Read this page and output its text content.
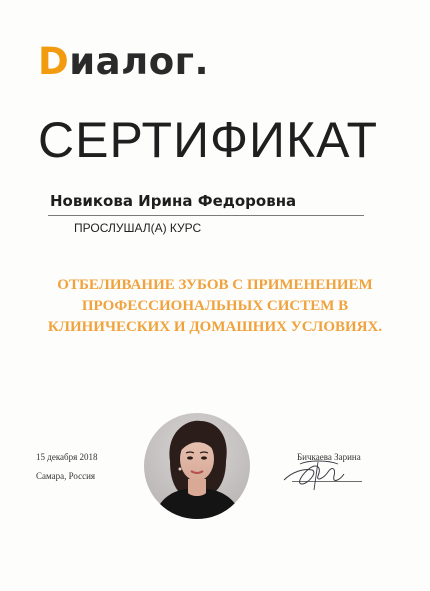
D иалог.
СЕРТИФИКАТ
Новикова Ирина Федоровна
ПРОСЛУШАЛ(А) КУРС
ОТБЕЛИВАНИЕ ЗУБОВ С ПРИМЕНЕНИЕМ
ПРОФЕССИОНАЛЬНЫХ СИСТЕМ В
КЛИНИЧЕСКИХ И ДОМАШНИХ УСЛОВИЯХ.
15 декабря 2018
Самара, Россия
Бичкаева Зарина
